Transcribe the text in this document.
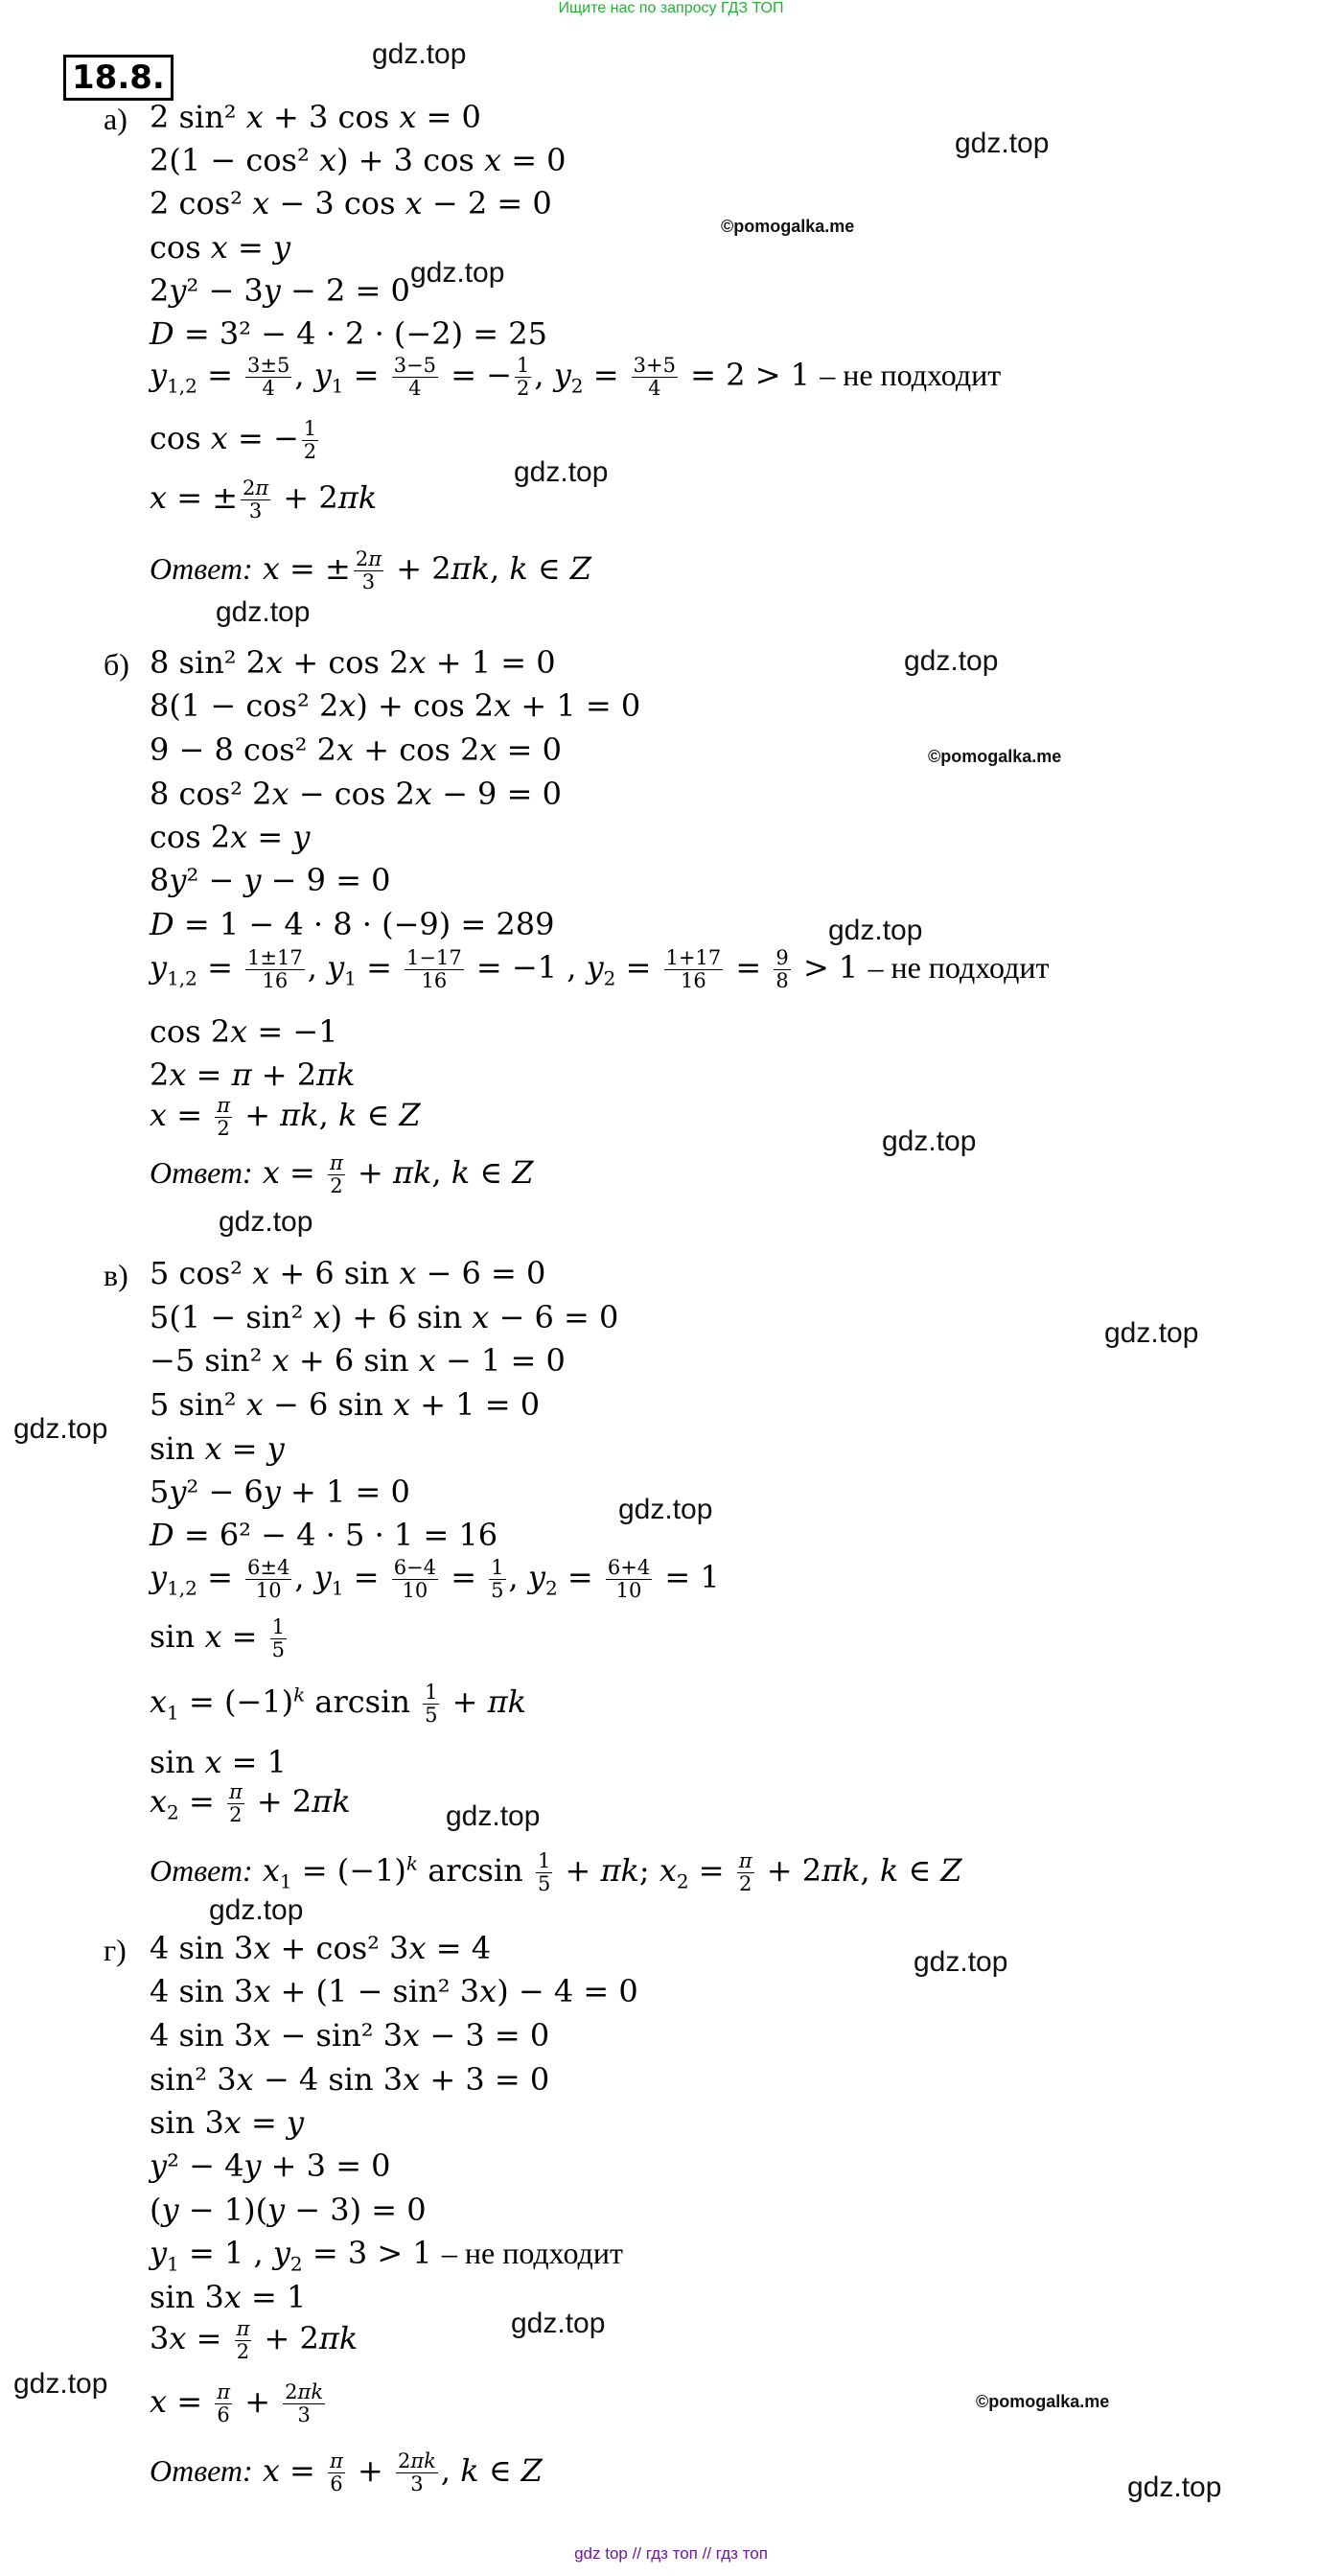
Ищите нас по запросу ГДЗ ТОП
18.8.
gdz.top
gdz.top
©pomogalka.me
gdz.top
gdz.top
gdz.top
gdz.top
©pomogalka.me
gdz.top
gdz.top
gdz.top
gdz.top
gdz.top
gdz.top
gdz.top
gdz.top
gdz.top
gdz.top
gdz.top
©pomogalka.me
gdz.top
а) 2 sin² x + 3 cos x = 0
2(1 − cos² x) + 3 cos x = 0
2 cos² x − 3 cos x − 2 = 0
cos x = y
2y² − 3y − 2 = 0
D = 3² − 4 · 2 · (−2) = 25
$y_{1,2} = \frac{3\pm 5}{4}$ , $y_1 = \frac{3-5}{4}$ = − $\frac{1}{2}$ , $y_2 = \frac{3+5}{4} = 2 > 1$ – не подходит
cos x = − $\frac{1}{2}$
x = ± $\frac{2\pi}{3} + 2\pi k$
Ответ: x = ± $\frac{2\pi}{3} + 2\pi k$, k ∈ Z
б) 8 sin² 2x + cos 2x + 1 = 0
8(1 − cos² 2x) + cos 2x + 1 = 0
9 − 8 cos² 2x + cos 2x = 0
8 cos² 2x − cos 2x − 9 = 0
cos 2x = y
8y² − y − 9 = 0
D = 1 − 4 · 8 · (−9) = 289
$y_{1,2} = \frac{1\pm 17}{16}$ , $y_1 = \frac{1-17}{16} = -1$ , $y_2 = \frac{1+17}{16} = \frac{9}{8} > 1$ – не подходит
cos 2x = −1
2x = π + 2πk
$x = \frac{\pi}{2} + \pi k$, k ∈ Z
Ответ: $x = \frac{\pi}{2} + \pi k$, k ∈ Z
в) 5 cos² x + 6 sin x − 6 = 0
5(1 − sin² x) + 6 sin x − 6 = 0
−5 sin² x + 6 sin x − 1 = 0
5 sin² x − 6 sin x + 1 = 0
sin x = y
5y² − 6y + 1 = 0
D = 6² − 4 · 5 · 1 = 16
$y_{1,2} = \frac{6\pm 4}{10}$ , $y_1 = \frac{6-4}{10} = \frac{1}{5}$ , $y_2 = \frac{6+4}{10} = 1$
$\sin x = \frac{1}{5}$
$x_1 = (-1)^k$ $\arcsin \frac{1}{5} + \pi k$
sin x = 1
$x_2 = \frac{\pi}{2} + 2\pi k$
Ответ: $x_1 = (-1)^k$ $\arcsin \frac{1}{5} + \pi k$; $x_2 = \frac{\pi}{2} + 2\pi k$, k ∈ Z
г) 4 sin 3x + cos² 3x = 4
4 sin 3x + (1 − sin² 3x) − 4 = 0
4 sin 3x − sin² 3x − 3 = 0
sin² 3x − 4 sin 3x + 3 = 0
sin 3x = y
y² − 4y + 3 = 0
(y − 1)(y − 3) = 0
$y_1 = 1$ , $y_2 = 3 > 1$ – не подходит
sin 3x = 1
$3x = \frac{\pi}{2} + 2\pi k$
$x = \frac{\pi}{6} + \frac{2\pi k}{3}$
Ответ: $x = \frac{\pi}{6} + \frac{2\pi k}{3}$ , k ∈ Z
gdz top // гдз топ // гдз топ
